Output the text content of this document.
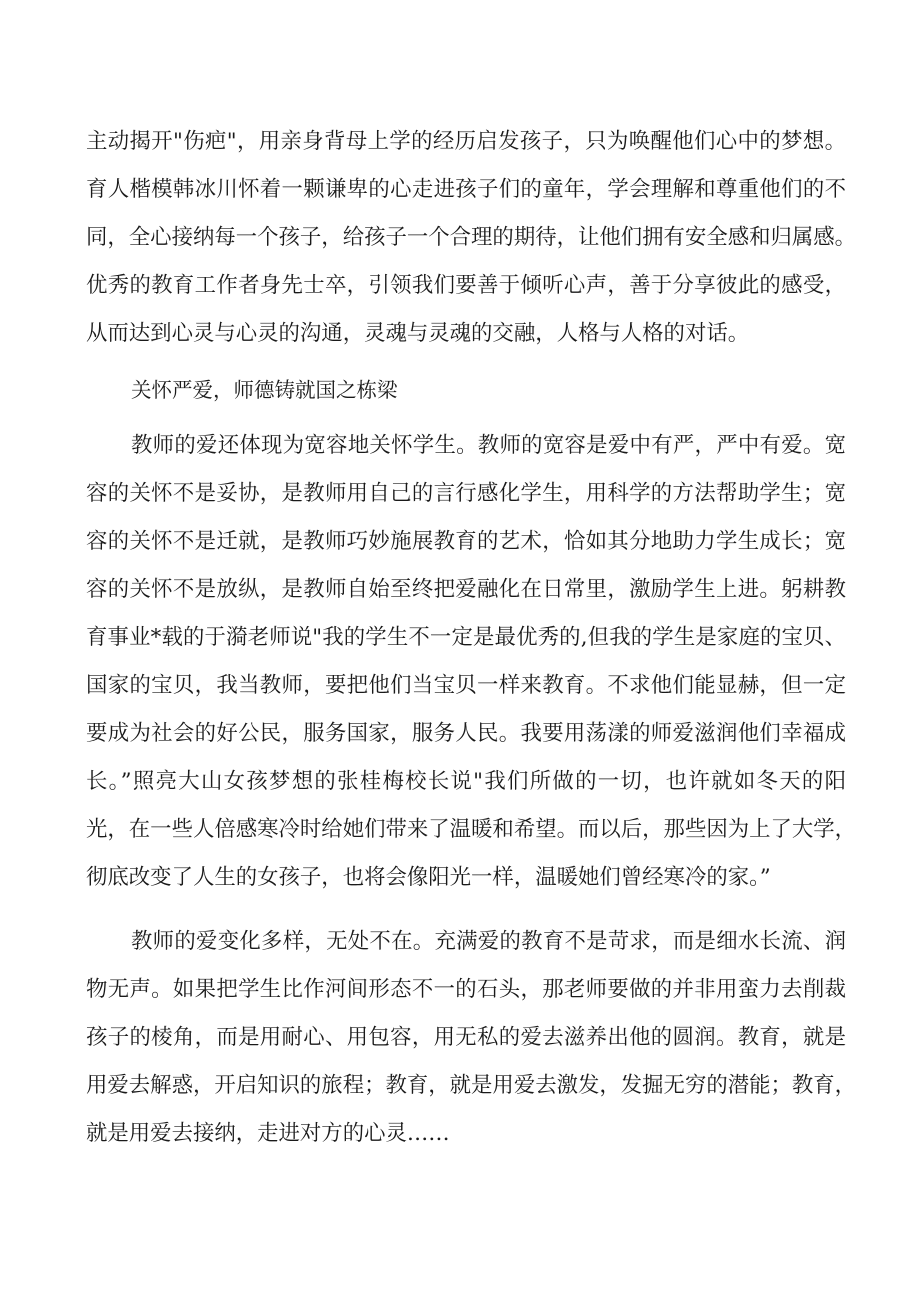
主动揭开"伤疤"，用亲身背母上学的经历启发孩子，只为唤醒他们心中的梦想。
育人楷模韩冰川怀着一颗谦卑的心走进孩子们的童年，学会理解和尊重他们的不
同，全心接纳每一个孩子，给孩子一个合理的期待，让他们拥有安全感和归属感。
优秀的教育工作者身先士卒，引领我们要善于倾听心声，善于分享彼此的感受，
从而达到心灵与心灵的沟通，灵魂与灵魂的交融，人格与人格的对话。
关怀严爱，师德铸就国之栋梁
教师的爱还体现为宽容地关怀学生。教师的宽容是爱中有严，严中有爱。宽
容的关怀不是妥协，是教师用自己的言行感化学生，用科学的方法帮助学生；宽
容的关怀不是迁就，是教师巧妙施展教育的艺术，恰如其分地助力学生成长；宽
容的关怀不是放纵，是教师自始至终把爱融化在日常里，激励学生上进。躬耕教
育事业*载的于漪老师说"我的学生不一定是最优秀的,但我的学生是家庭的宝贝、
国家的宝贝，我当教师，要把他们当宝贝一样来教育。不求他们能显赫，但一定
要成为社会的好公民，服务国家，服务人民。我要用荡漾的师爱滋润他们幸福成
长。”照亮大山女孩梦想的张桂梅校长说"我们所做的一切，也许就如冬天的阳
光，在一些人倍感寒冷时给她们带来了温暖和希望。而以后，那些因为上了大学，
彻底改变了人生的女孩子，也将会像阳光一样，温暖她们曾经寒冷的家。”
教师的爱变化多样，无处不在。充满爱的教育不是苛求，而是细水长流、润
物无声。如果把学生比作河间形态不一的石头，那老师要做的并非用蛮力去削裁
孩子的棱角，而是用耐心、用包容，用无私的爱去滋养出他的圆润。教育，就是
用爱去解惑，开启知识的旅程；教育，就是用爱去激发，发掘无穷的潜能；教育，
就是用爱去接纳，走进对方的心灵……
